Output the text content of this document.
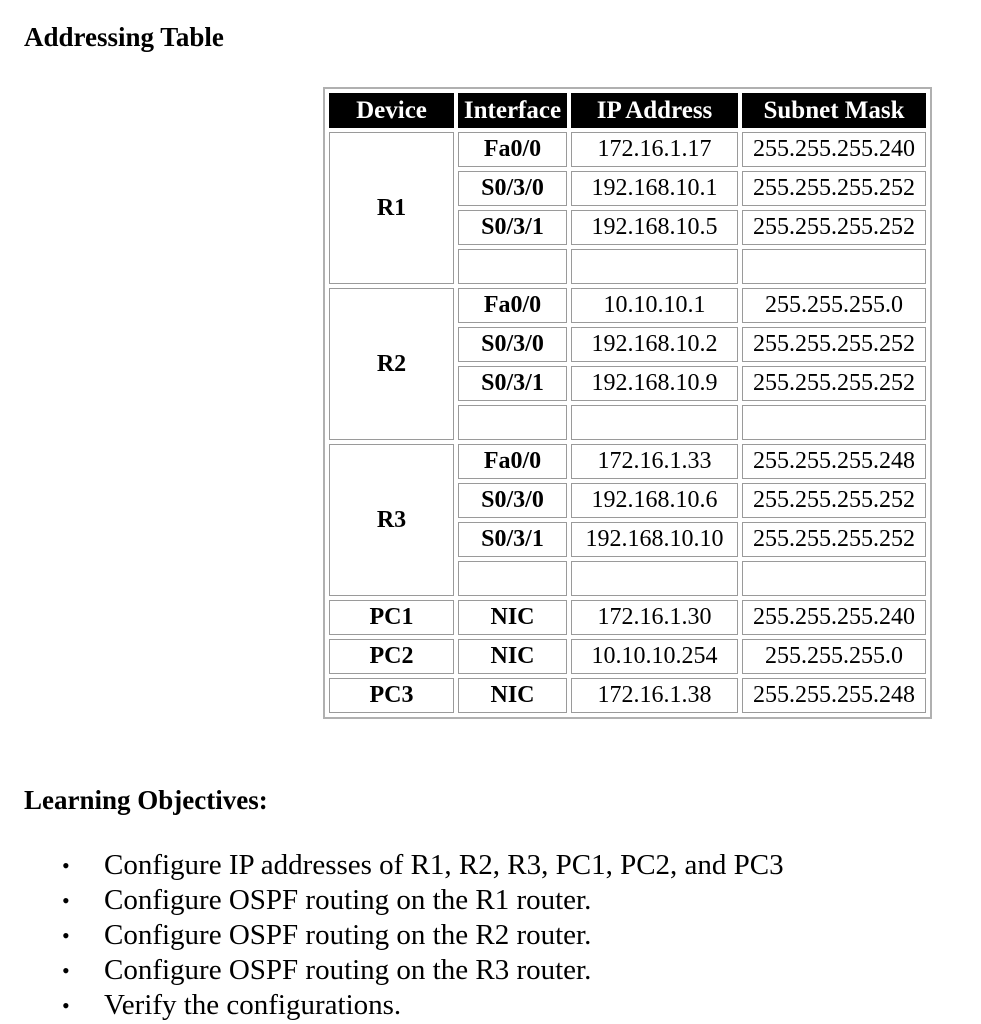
Addressing Table
Device	Interface	IP Address	Subnet Mask
R1	Fa0/0	172.16.1.17	255.255.255.240
	S0/3/0	192.168.10.1	255.255.255.252
	S0/3/1	192.168.10.5	255.255.255.252

R2	Fa0/0	10.10.10.1	255.255.255.0
	S0/3/0	192.168.10.2	255.255.255.252
	S0/3/1	192.168.10.9	255.255.255.252

R3	Fa0/0	172.16.1.33	255.255.255.248
	S0/3/0	192.168.10.6	255.255.255.252
	S0/3/1	192.168.10.10	255.255.255.252

PC1	NIC	172.16.1.30	255.255.255.240
PC2	NIC	10.10.10.254	255.255.255.0
PC3	NIC	172.16.1.38	255.255.255.248
Learning Objectives:
• Configure IP addresses of R1, R2, R3, PC1, PC2, and PC3
• Configure OSPF routing on the R1 router.
• Configure OSPF routing on the R2 router.
• Configure OSPF routing on the R3 router.
• Verify the configurations.
